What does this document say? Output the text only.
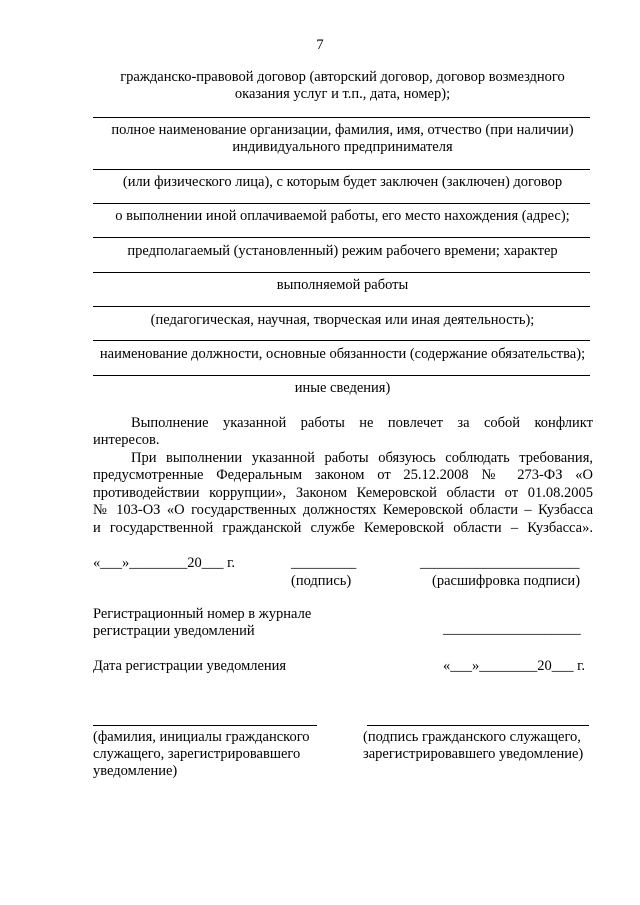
7
гражданско-правовой договор (авторский договор, договор возмездного
оказания услуг и т.п., дата, номер);
полное наименование организации, фамилия, имя, отчество (при наличии)
индивидуального предпринимателя
(или физического лица), с которым будет заключен (заключен) договор
о выполнении иной оплачиваемой работы, его место нахождения (адрес);
предполагаемый (установленный) режим рабочего времени; характер
выполняемой работы
(педагогическая, научная, творческая или иная деятельность);
наименование должности, основные обязанности (содержание обязательства);
иные сведения)
Выполнение указанной работы не повлечет за собой конфликт
интересов.
При выполнении указанной работы обязуюсь соблюдать требования,
предусмотренные Федеральным законом от 25.12.2008 № 273-ФЗ «О
противодействии коррупции», Законом Кемеровской области от 01.08.2005
№ 103-ОЗ «О государственных должностях Кемеровской области – Кузбасса
и государственной гражданской службе Кемеровской области – Кузбасса».
«___»________20___ г.	_________	______________________
(подпись)	(расшифровка подписи)
Регистрационный номер в журнале
регистрации уведомлений	___________________
Дата регистрации уведомления	«___»________20___ г.
(фамилия, инициалы гражданского
служащего, зарегистрировавшего
уведомление)
(подпись гражданского служащего,
зарегистрировавшего уведомление)
